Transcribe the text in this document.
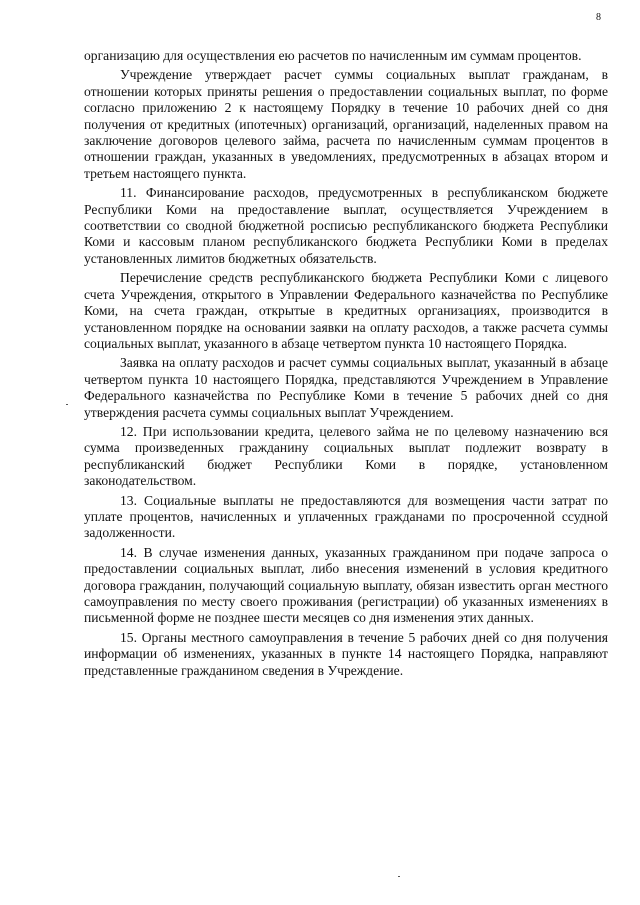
8

организацию для осуществления ею расчетов по начисленным им суммам процентов.

Учреждение утверждает расчет суммы социальных выплат гражданам, в отношении которых приняты решения о предоставлении социальных выплат, по форме согласно приложению 2 к настоящему Порядку в течение 10 рабочих дней со дня получения от кредитных (ипотечных) организаций, организаций, наделенных правом на заключение договоров целевого займа, расчета по начисленным суммам процентов в отношении граждан, указанных в уведомлениях, предусмотренных в абзацах втором и третьем настоящего пункта.

11. Финансирование расходов, предусмотренных в республиканском бюджете Республики Коми на предоставление выплат, осуществляется Учреждением в соответствии со сводной бюджетной росписью республиканского бюджета Республики Коми и кассовым планом республиканского бюджета Республики Коми в пределах установленных лимитов бюджетных обязательств.

Перечисление средств республиканского бюджета Республики Коми с лицевого счета Учреждения, открытого в Управлении Федерального казначейства по Республике Коми, на счета граждан, открытые в кредитных организациях, производится в установленном порядке на основании заявки на оплату расходов, а также расчета суммы социальных выплат, указанного в абзаце четвертом пункта 10 настоящего Порядка.

Заявка на оплату расходов и расчет суммы социальных выплат, указанный в абзаце четвертом пункта 10 настоящего Порядка, представляются Учреждением в Управление Федерального казначейства по Республике Коми в течение 5 рабочих дней со дня утверждения расчета суммы социальных выплат Учреждением.

12. При использовании кредита, целевого займа не по целевому назначению вся сумма произведенных гражданину социальных выплат подлежит возврату в республиканский бюджет Республики Коми в порядке, установленном законодательством.

13. Социальные выплаты не предоставляются для возмещения части затрат по уплате процентов, начисленных и уплаченных гражданами по просроченной ссудной задолженности.

14. В случае изменения данных, указанных гражданином при подаче запроса о предоставлении социальных выплат, либо внесения изменений в условия кредитного договора гражданин, получающий социальную выплату, обязан известить орган местного самоуправления по месту своего проживания (регистрации) об указанных изменениях в письменной форме не позднее шести месяцев со дня изменения этих данных.

15. Органы местного самоуправления в течение 5 рабочих дней со дня получения информации об изменениях, указанных в пункте 14 настоящего Порядка, направляют представленные гражданином сведения в Учреждение.
